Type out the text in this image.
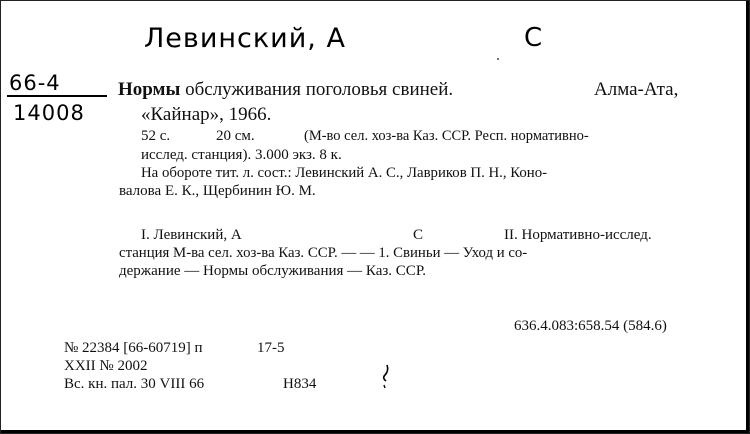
Левинский, А	С
66-4
14008
Нормы обслуживания поголовья свиней.	Алма-Ата,
«Кайнар», 1966.
52 с.	20 см.	(М-во сел. хоз-ва Каз. ССР. Респ. нормативно-
исслед. станция). 3.000 экз. 8 к.
На обороте тит. л. сост.: Левинский А. С., Лавриков П. Н., Коно-
валова Е. К., Щербинин Ю. М.
I. Левинский, А	С	II. Нормативно-исслед.
станция М-ва сел. хоз-ва Каз. ССР. — — 1. Свиньи — Уход и со-
держание — Нормы обслуживания — Каз. ССР.
636.4.083:658.54 (584.6)
№ 22384 [66-60719] п	17-5
XXII № 2002
Вс. кн. пал. 30 VIII 66	Н834
